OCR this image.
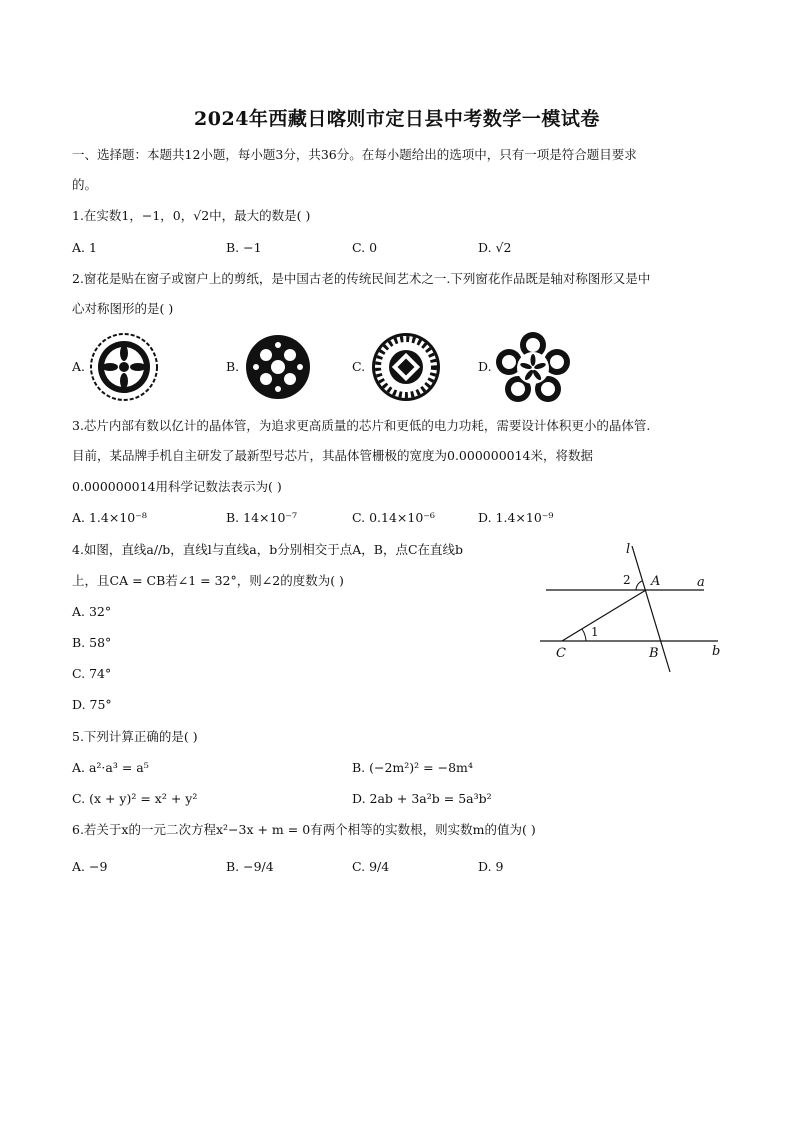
2024年西藏日喀则市定日县中考数学一模试卷
一、选择题：本题共12小题，每小题3分，共36分。在每小题给出的选项中，只有一项是符合题目要求
的。
1.在实数1，−1，0，√2中，最大的数是( )
A. 1	B. −1	C. 0	D. √2
2.窗花是贴在窗子或窗户上的剪纸，是中国古老的传统民间艺术之一.下列窗花作品既是轴对称图形又是中
心对称图形的是( )
A.	B.	C.	D.
3.芯片内部有数以亿计的晶体管，为追求更高质量的芯片和更低的电力功耗，需要设计体积更小的晶体管.
目前，某品牌手机自主研发了最新型号芯片，其晶体管栅极的宽度为0.000000014米，将数据
0.000000014用科学记数法表示为( )
A. 1.4×10⁻⁸	B. 14×10⁻⁷	C. 0.14×10⁻⁶	D. 1.4×10⁻⁹
4.如图，直线a//b，直线l与直线a，b分别相交于点A，B，点C在直线b
上，且CA = CB若∠1 = 32°，则∠2的度数为( )
A. 32°
B. 58°
C. 74°
D. 75°
l
2 A	a
1
C	B	b
5.下列计算正确的是( )
A. a²·a³ = a⁵	B. (−2m²)² = −8m⁴
C. (x + y)² = x² + y²	D. 2ab + 3a²b = 5a³b²
6.若关于x的一元二次方程x²−3x + m = 0有两个相等的实数根，则实数m的值为( )
A. −9	B. −9/4	C. 9/4	D. 9
